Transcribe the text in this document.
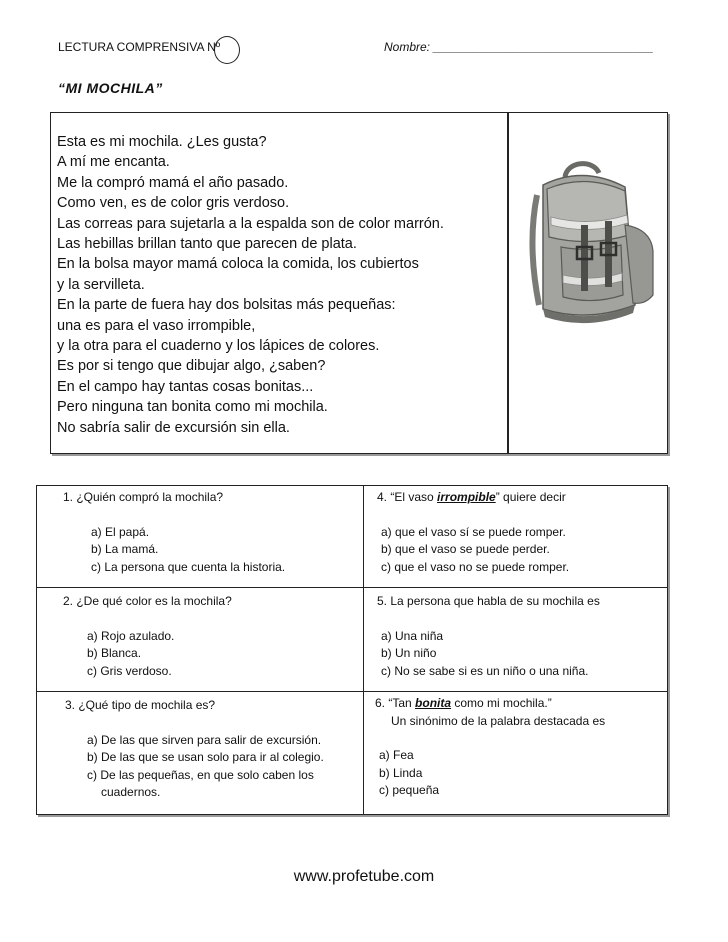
LECTURA COMPRENSIVA Nº	Nombre: _________________________________
“MI MOCHILA”
Esta es mi mochila. ¿Les gusta?
A mí me encanta.
Me la compró mamá el año pasado.
Como ven, es de color gris verdoso.
Las correas para sujetarla a la espalda son de color marrón.
Las hebillas brillan tanto que parecen de plata.
En la bolsa mayor mamá coloca la comida, los cubiertos
y la servilleta.
En la parte de fuera hay dos bolsitas más pequeñas:
una es para el vaso irrompible,
y la otra para el cuaderno y los lápices de colores.
Es por si tengo que dibujar algo, ¿saben?
En el campo hay tantas cosas bonitas...
Pero ninguna tan bonita como mi mochila.
No sabría salir de excursión sin ella.
1. ¿Quién compró la mochila?
a) El papá.
b) La mamá.
c) La persona que cuenta la historia.
2. ¿De qué color es la mochila?
a) Rojo azulado.
b) Blanca.
c) Gris verdoso.
3. ¿Qué tipo de mochila es?
a) De las que sirven para salir de excursión.
b) De las que se usan solo para ir al colegio.
c) De las pequeñas, en que solo caben los
cuadernos.
4. “El vaso irrompible” quiere decir
a) que el vaso sí se puede romper.
b) que el vaso se puede perder.
c) que el vaso no se puede romper.
5. La persona que habla de su mochila es
a) Una niña
b) Un niño
c) No se sabe si es un niño o una niña.
6. “Tan bonita como mi mochila.”
Un sinónimo de la palabra destacada es
a) Fea
b) Linda
c) pequeña
www.profetube.com
